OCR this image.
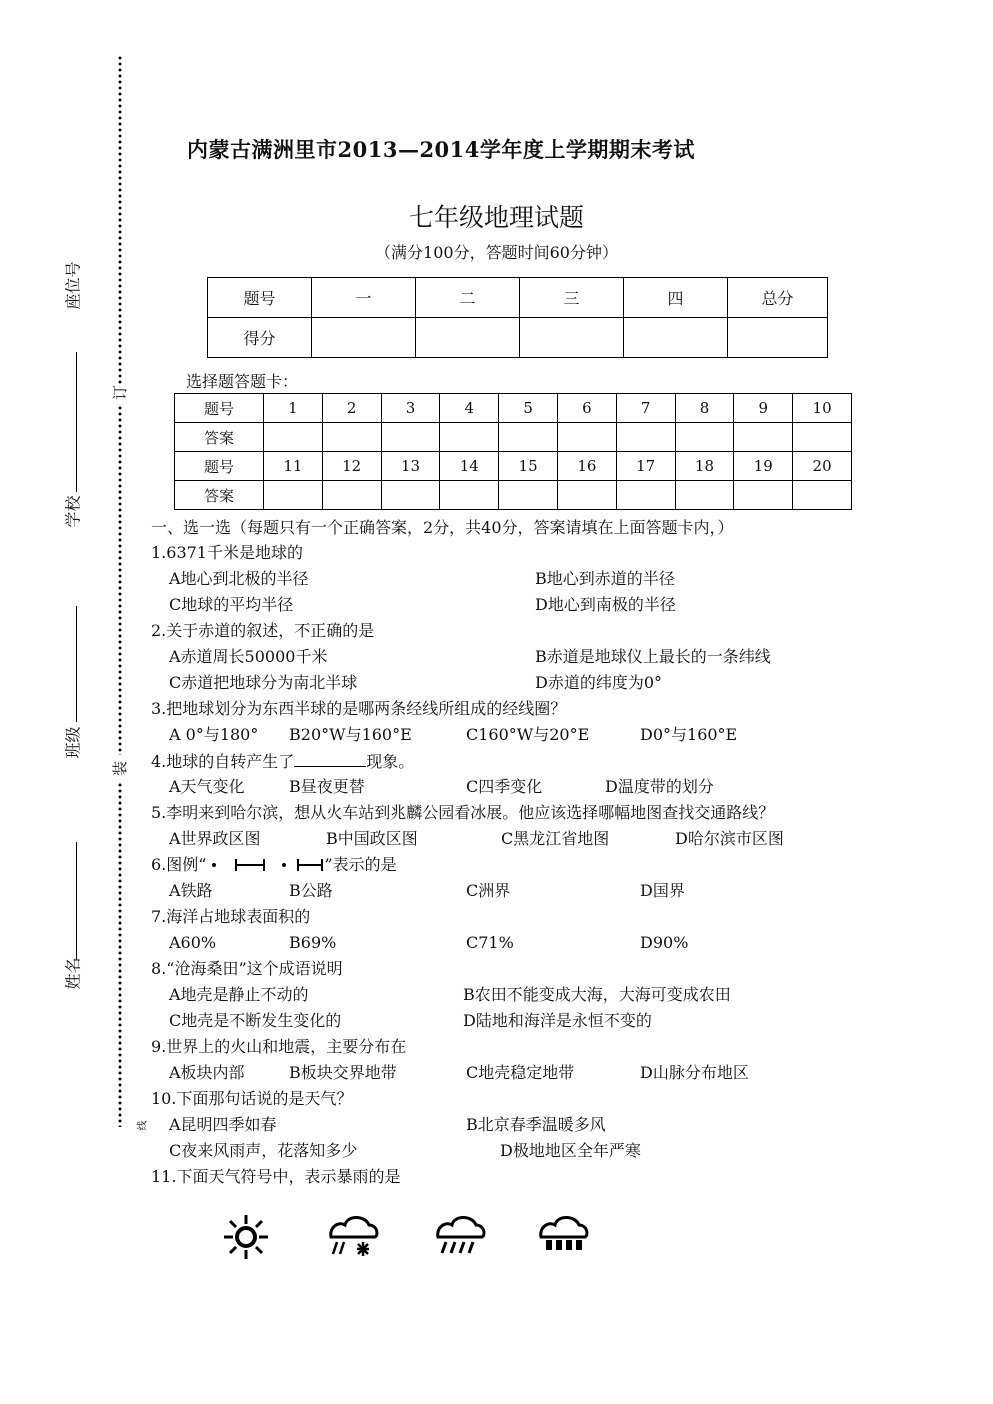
订
装
线
座位号
学校
班级
姓名
内蒙古满洲里市2013—2014学年度上学期期末考试
七年级地理试题
（满分100分，答题时间60分钟）
题号	一	二	三	四	总分
得分					
选择题答题卡：
题号	1	2	3	4	5	6	7	8	9	10
答案										
题号	11	12	13	14	15	16	17	18	19	20
答案										
一、选一选（每题只有一个正确答案，2分，共40分，答案请填在上面答题卡内，）
1.6371千米是地球的
A地心到北极的半径	B地心到赤道的半径
C地球的平均半径	D地心到南极的半径
2.关于赤道的叙述，不正确的是
A赤道周长50000千米	B赤道是地球仪上最长的一条纬线
C赤道把地球分为南北半球	D赤道的纬度为0°
3.把地球划分为东西半球的是哪两条经线所组成的经线圈？
A 0°与180° B20°W与160°E	C160°W与20°E	D0°与160°E
4.地球的自转产生了	现象。
A天气变化	B昼夜更替	C四季变化	D温度带的划分
5.李明来到哈尔滨，想从火车站到兆麟公园看冰展。他应该选择哪幅地图查找交通路线？
A世界政区图	B中国政区图	C黑龙江省地图	D哈尔滨市区图
6.图例“	”表示的是
A铁路	B公路	C洲界	D国界
7.海洋占地球表面积的
A60%	B69%	C71%	D90%
8.“沧海桑田”这个成语说明
A地壳是静止不动的	B农田不能变成大海，大海可变成农田
C地壳是不断发生变化的	D陆地和海洋是永恒不变的
9.世界上的火山和地震，主要分布在
A板块内部	B板块交界地带	C地壳稳定地带	D山脉分布地区
10.下面那句话说的是天气？
A昆明四季如春	B北京春季温暖多风
C夜来风雨声，花落知多少	D极地地区全年严寒
11.下面天气符号中，表示暴雨的是
